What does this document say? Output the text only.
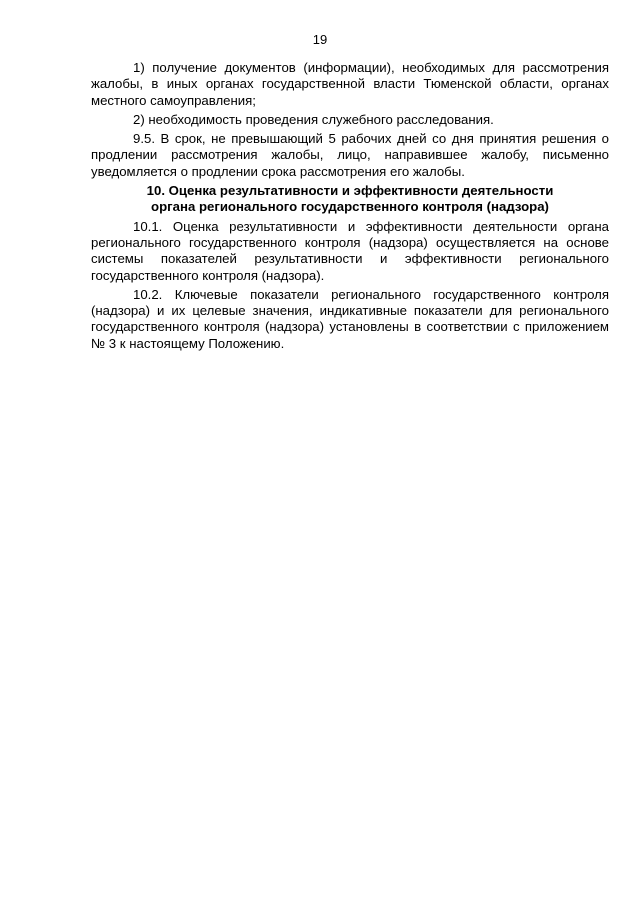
19

1) получение документов (информации), необходимых для рассмотрения жалобы, в иных органах государственной власти Тюменской области, органах местного самоуправления;

2) необходимость проведения служебного расследования.

9.5. В срок, не превышающий 5 рабочих дней со дня принятия решения о продлении рассмотрения жалобы, лицо, направившее жалобу, письменно уведомляется о продлении срока рассмотрения его жалобы.

10. Оценка результативности и эффективности деятельности
органа регионального государственного контроля (надзора)

10.1. Оценка результативности и эффективности деятельности органа регионального государственного контроля (надзора) осуществляется на основе системы показателей результативности и эффективности регионального государственного контроля (надзора).

10.2. Ключевые показатели регионального государственного контроля (надзора) и их целевые значения, индикативные показатели для регионального государственного контроля (надзора) установлены в соответствии с приложением № 3 к настоящему Положению.
